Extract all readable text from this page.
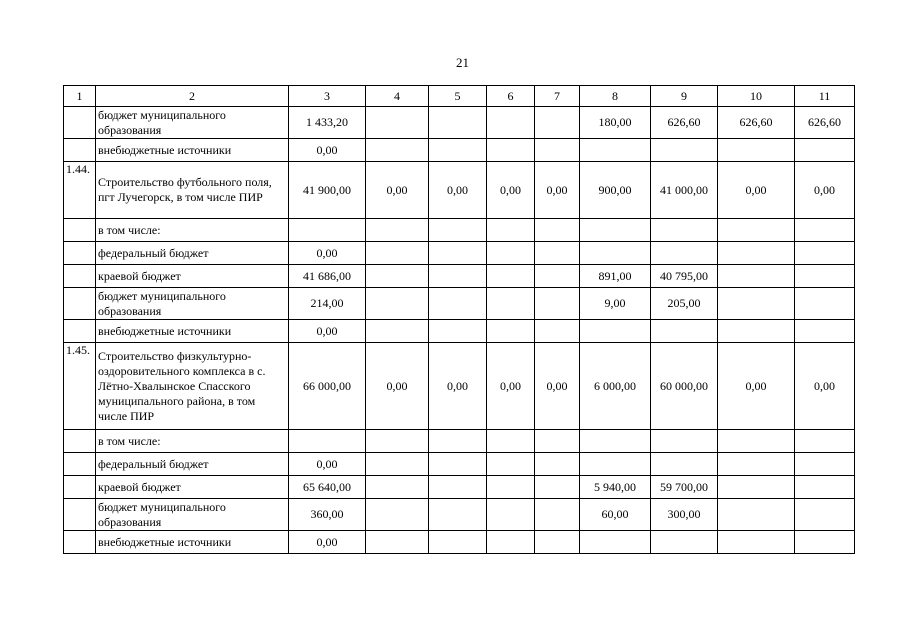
21
1	2	3	4	5	6	7	8	9	10	11
	бюджет муниципального образования	1 433,20					180,00	626,60	626,60	626,60
	внебюджетные источники	0,00								
1.44.	Строительство футбольного поля, пгт Лучегорск, в том числе ПИР	41 900,00	0,00	0,00	0,00	0,00	900,00	41 000,00	0,00	0,00
	в том числе:									
	федеральный бюджет	0,00								
	краевой бюджет	41 686,00					891,00	40 795,00		
	бюджет муниципального образования	214,00					9,00	205,00		
	внебюджетные источники	0,00								
1.45.	Строительство физкультурно-оздоровительного комплекса в с. Лётно-Хвалынское Спасского муниципального района, в том числе ПИР	66 000,00	0,00	0,00	0,00	0,00	6 000,00	60 000,00	0,00	0,00
	в том числе:									
	федеральный бюджет	0,00								
	краевой бюджет	65 640,00					5 940,00	59 700,00		
	бюджет муниципального образования	360,00					60,00	300,00		
	внебюджетные источники	0,00								
